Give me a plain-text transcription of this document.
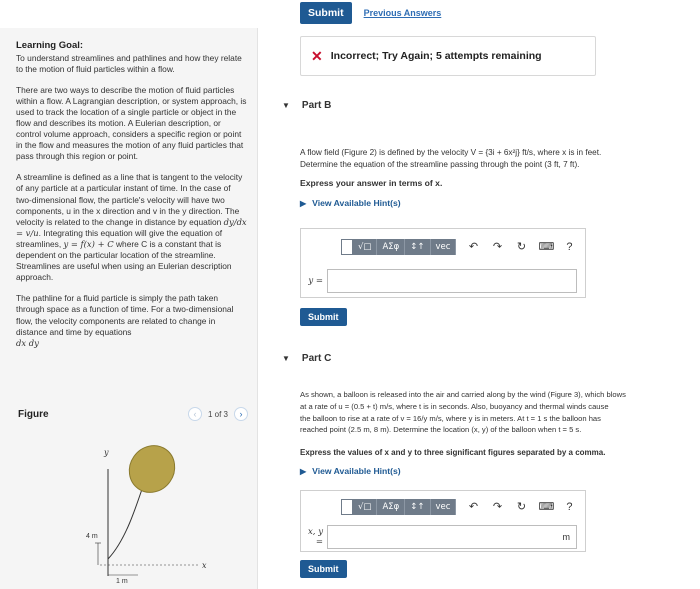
Learning Goal:
To understand streamlines and pathlines and how they relate to the motion of fluid particles within a flow.
There are two ways to describe the motion of fluid particles within a flow. A Lagrangian description, or system approach, is used to track the location of a single particle or object in the flow and describes its motion. A Eulerian description, or control volume approach, considers a specific region or point in the flow and measures the motion of any fluid particles that pass through this region or point.
A streamline is defined as a line that is tangent to the velocity of any particle at a particular instant of time. In the case of two-dimensional flow, the particle's velocity will have two components, u in the x direction and v in the y direction. The velocity is related to the change in distance by equation dy/dx = v/u. Integrating this equation will give the equation of streamlines, y = f(x) + C where C is a constant that is dependent on the particular location of the streamline. Streamlines are useful when using an Eulerian description approach.
The pathline for a fluid particle is simply the path taken through space as a function of time. For a two-dimensional flow, the velocity components are related to change in distance and time by equations
dx dy
Figure	‹	1 of 3	›
4 m
1 m
y
x
Submit	Previous Answers
✕ Incorrect; Try Again; 5 attempts remaining
▼ Part B
A flow field (Figure 2) is defined by the velocity V = {3i + 6x²j} ft/s, where x is in feet.
Determine the equation of the streamline passing through the point (3 ft, 7 ft).
Express your answer in terms of x.
▶ View Available Hint(s)
√□	ΑΣφ	↕↑	vec	↶ ↷ ↻ ⌨	?
y =
Submit
▼ Part C
As shown, a balloon is released into the air and carried along by the wind (Figure 3), which blows
at a rate of u = (0.5 + t) m/s, where t is in seconds. Also, buoyancy and thermal winds cause
the balloon to rise at a rate of v = 16/y m/s, where y is in meters. At t = 1 s the balloon has
reached point (2.5 m, 8 m). Determine the location (x, y) of the balloon when t = 5 s.
Express the values of x and y to three significant figures separated by a comma.
▶ View Available Hint(s)
√□	ΑΣφ	↕↑	vec	↶ ↷ ↻ ⌨	?
x, y =	m
Submit
